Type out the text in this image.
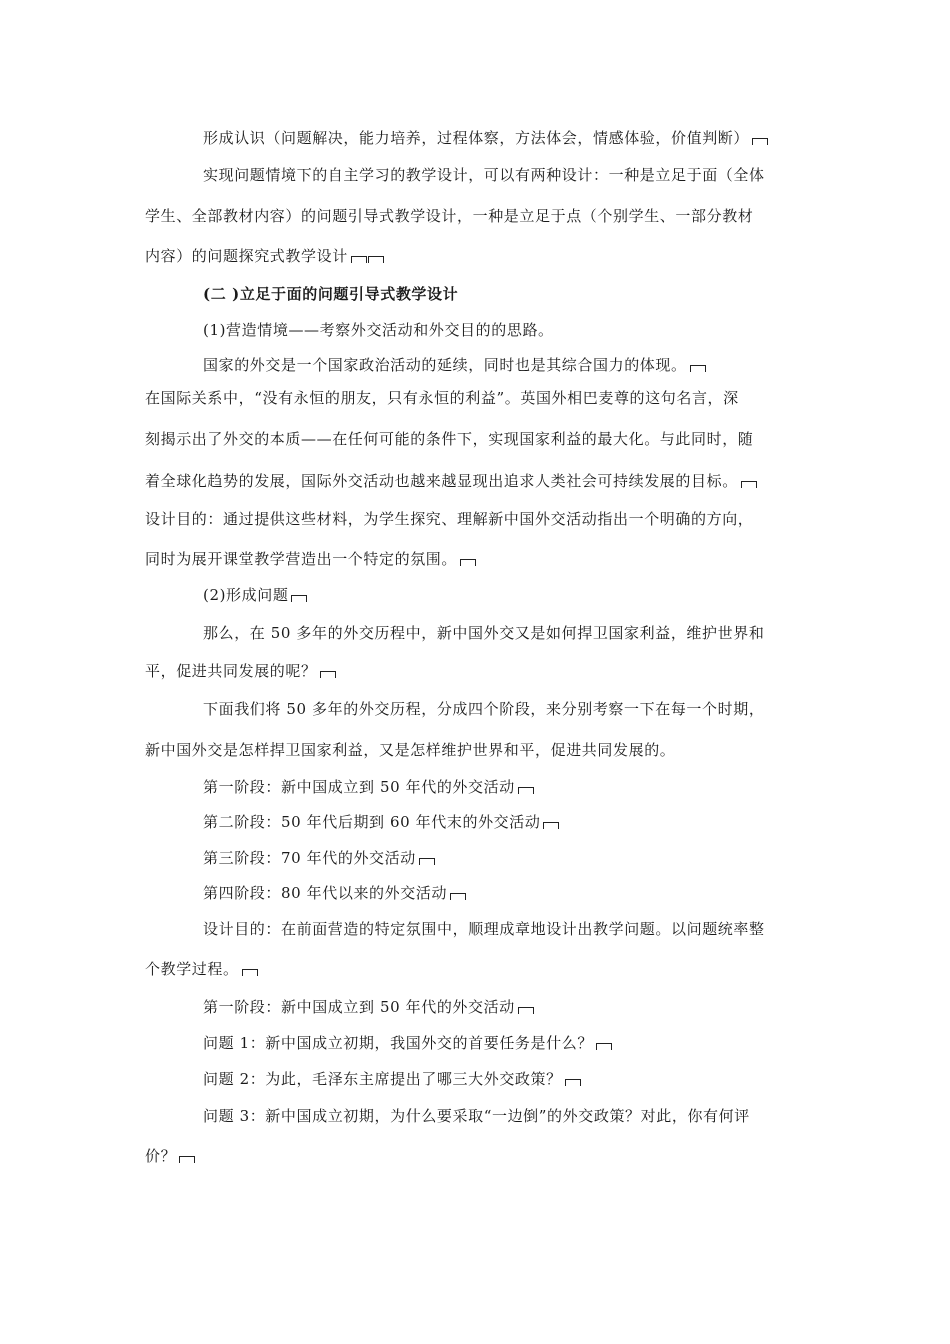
形成认识（问题解决，能力培养，过程体察，方法体会，情感体验，价值判断）
实现问题情境下的自主学习的教学设计，可以有两种设计：一种是立足于面（全体
学生、全部教材内容）的问题引导式教学设计，一种是立足于点（个别学生、一部分教材
内容）的问题探究式教学设计
(二 )立足于面的问题引导式教学设计
(1)营造情境——考察外交活动和外交目的的思路。
国家的外交是一个国家政治活动的延续，同时也是其综合国力的体现。
在国际关系中，“没有永恒的朋友，只有永恒的利益”。英国外相巴麦尊的这句名言，深
刻揭示出了外交的本质——在任何可能的条件下，实现国家利益的最大化。与此同时，随
着全球化趋势的发展，国际外交活动也越来越显现出追求人类社会可持续发展的目标。
设计目的：通过提供这些材料，为学生探究、理解新中国外交活动指出一个明确的方向，
同时为展开课堂教学营造出一个特定的氛围。
(2)形成问题
那么，在 50 多年的外交历程中，新中国外交又是如何捍卫国家利益，维护世界和
平，促进共同发展的呢？
下面我们将 50 多年的外交历程，分成四个阶段，来分别考察一下在每一个时期，
新中国外交是怎样捍卫国家利益，又是怎样维护世界和平，促进共同发展的。
第一阶段：新中国成立到 50 年代的外交活动
第二阶段：50 年代后期到 60 年代末的外交活动
第三阶段：70 年代的外交活动
第四阶段：80 年代以来的外交活动
设计目的：在前面营造的特定氛围中，顺理成章地设计出教学问题。以问题统率整
个教学过程。
第一阶段：新中国成立到 50 年代的外交活动
问题 1：新中国成立初期，我国外交的首要任务是什么？
问题 2：为此，毛泽东主席提出了哪三大外交政策？
问题 3：新中国成立初期，为什么要采取“一边倒”的外交政策？对此，你有何评
价？
